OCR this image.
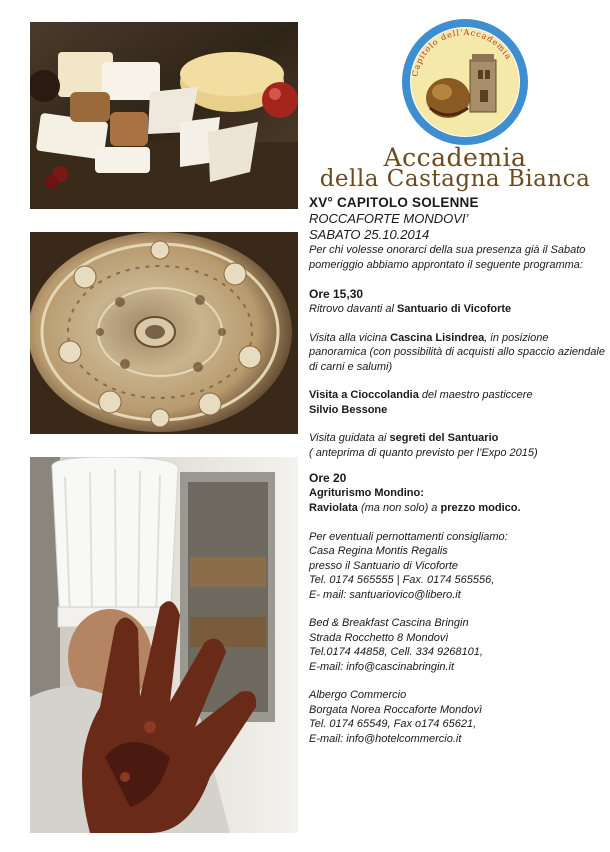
Capitolo dell'Accademia
Accademia
della Castagna Bianca

XV° CAPITOLO SOLENNE

ROCCAFORTE MONDOVI’

SABATO 25.10.2014

Per chi volesse onorarci della sua presenza già il Sabato pomeriggio abbiamo approntato il seguente programma:

Ore 15,30

Ritrovo davanti al Santuario di Vicoforte

Visita alla vicina Cascina Lisindrea, in posizione panoramica (con possibilità di acquisti allo spaccio aziendale di carni e salumi)

Visita a Cioccolandia del maestro pasticcere
Silvio Bessone

Visita guidata ai segreti del Santuario

( anteprima di quanto previsto per l’Expo 2015)

Ore 20

Agriturismo Mondino:

Raviolata (ma non solo) a prezzo modico.

Per eventuali pernottamenti consigliamo:

Casa Regina Montis Regalis

presso il Santuario di Vicoforte

Tel. 0174 565555 | Fax. 0174 565556,

E- mail: santuariovico@libero.it

Bed & Breakfast Cascina Bringin

Strada Rocchetto 8 Mondovì

Tel.0174 44858, Cell. 334 9268101,

E-mail: info@cascinabringin.it

Albergo Commercio

Borgata Norea Roccaforte Mondovì

Tel. 0174 65549, Fax o174 65621,

E-mail: info@hotelcommercio.it
